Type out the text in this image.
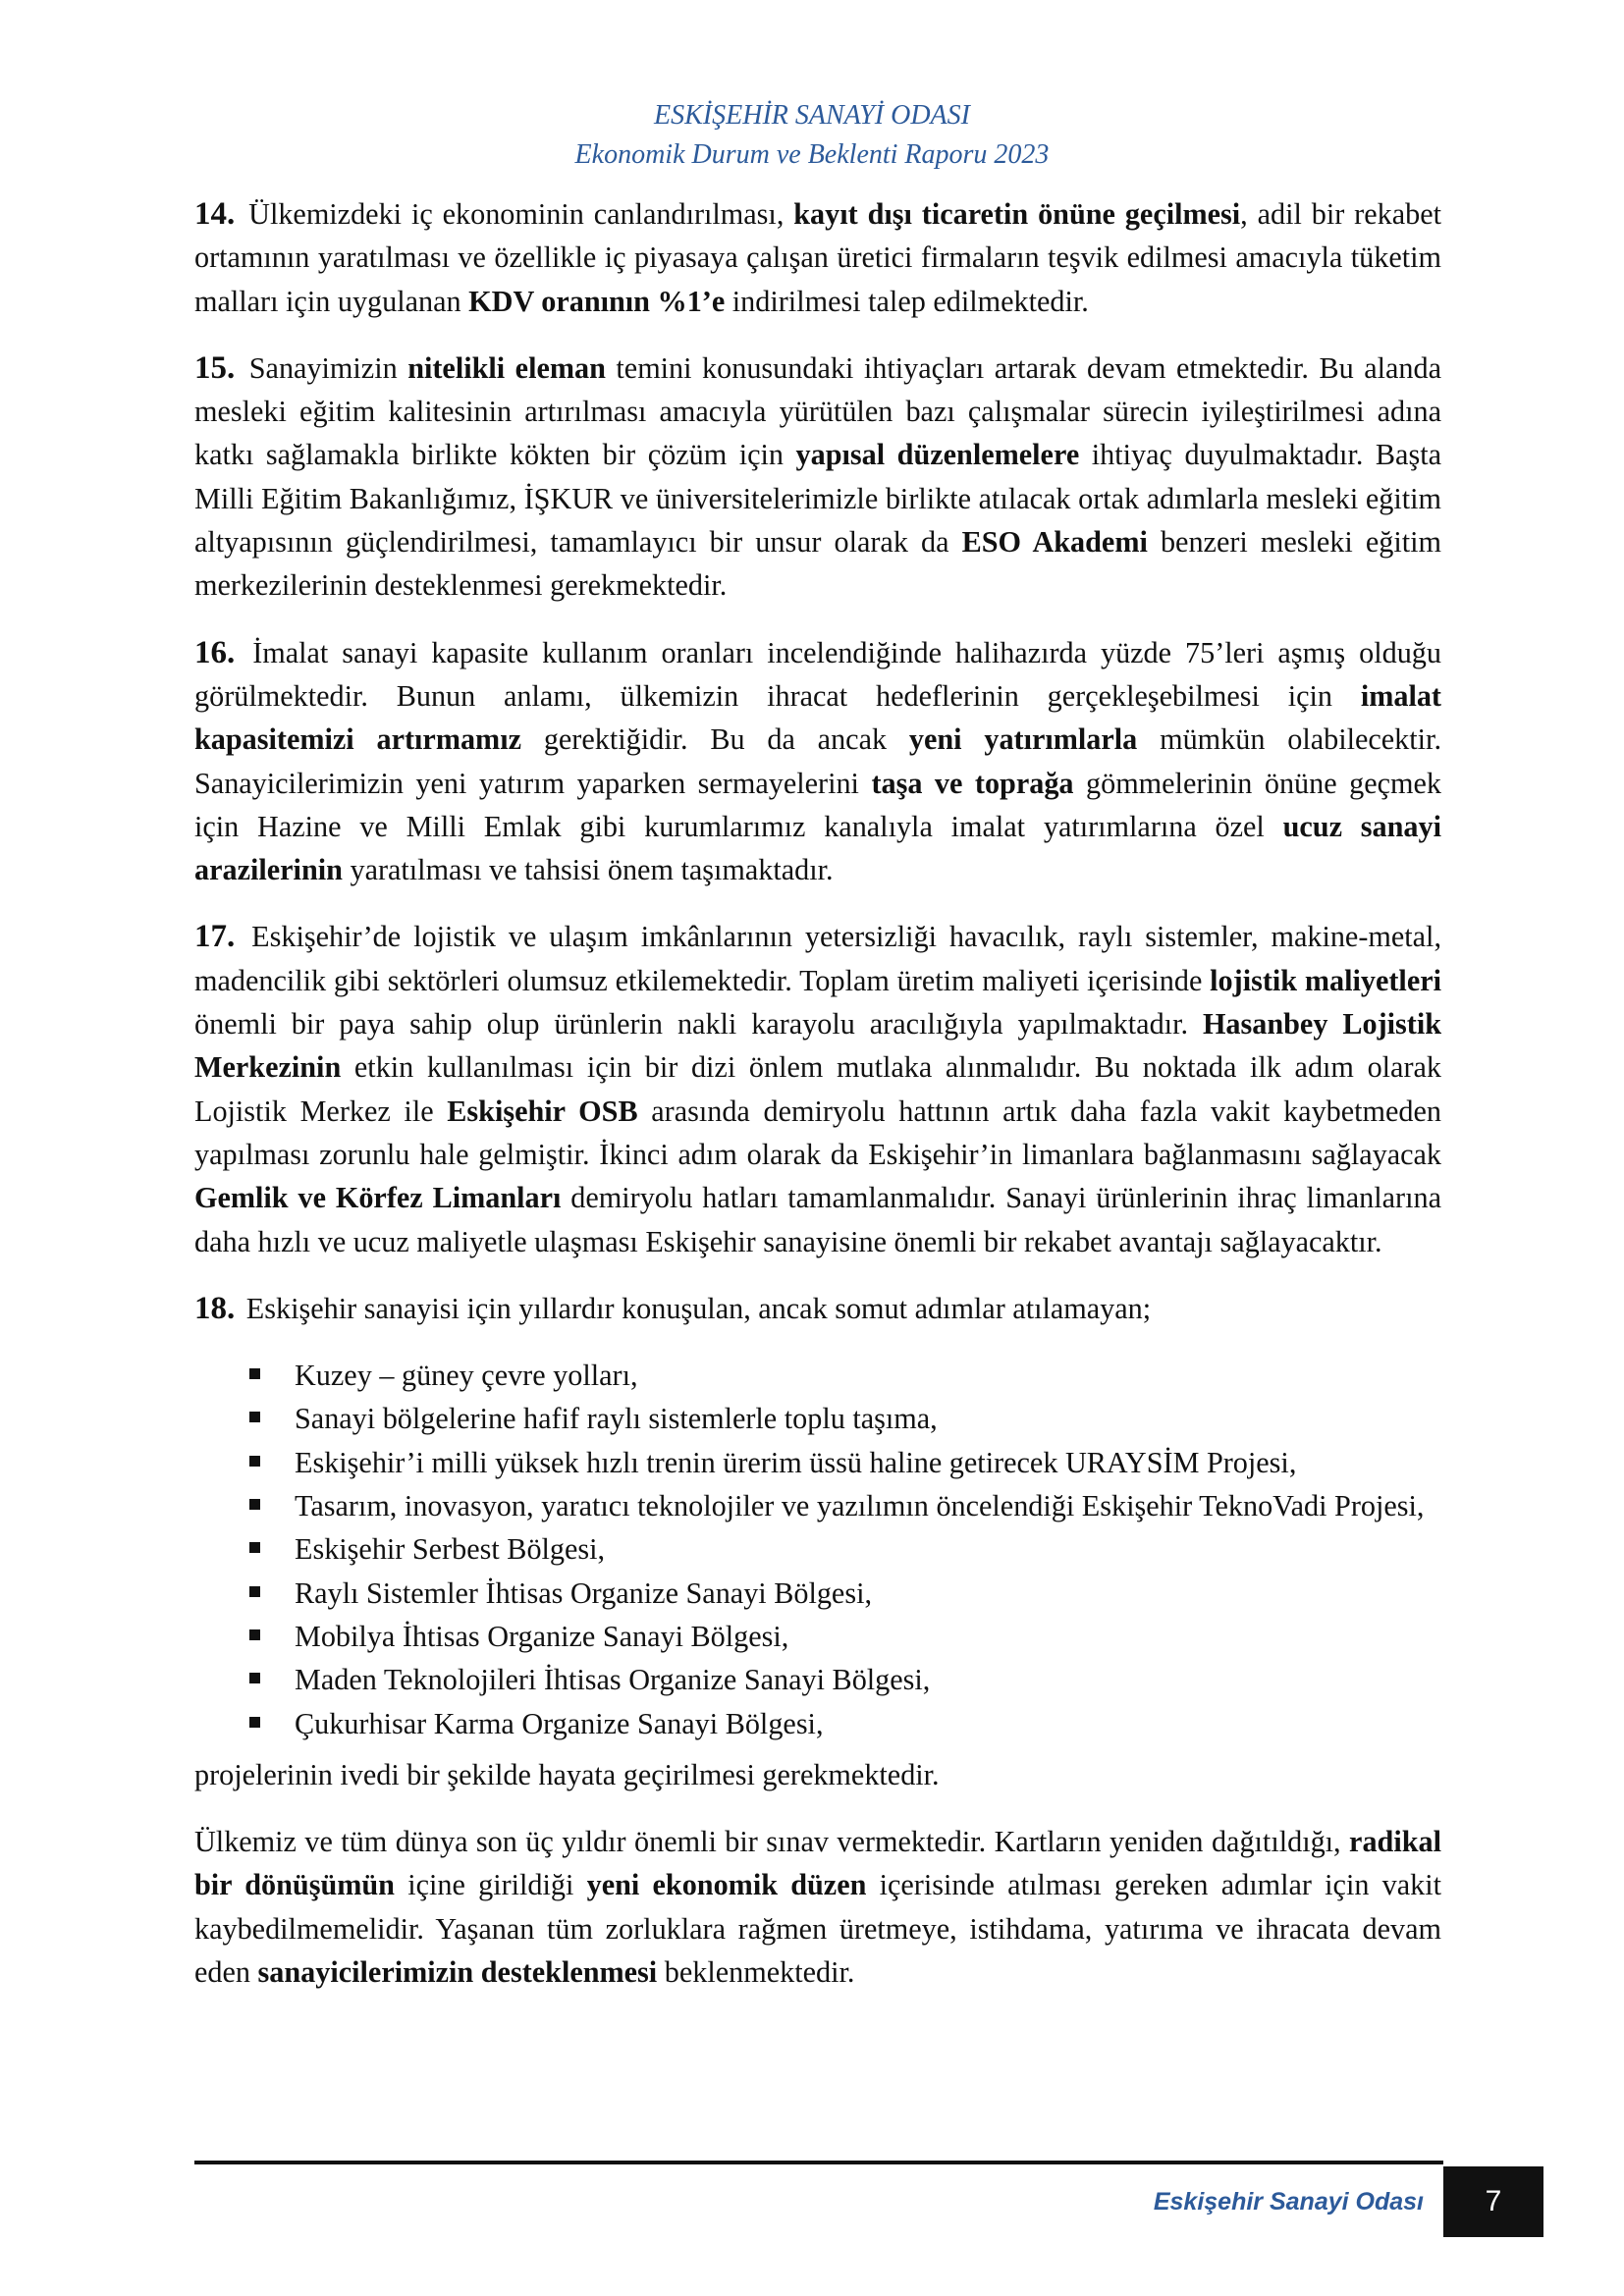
ESKİŞEHİR SANAYİ ODASI
Ekonomik Durum ve Beklenti Raporu 2023

14. Ülkemizdeki iç ekonominin canlandırılması, kayıt dışı ticaretin önüne geçilmesi, adil bir rekabet ortamının yaratılması ve özellikle iç piyasaya çalışan üretici firmaların teşvik edilmesi amacıyla tüketim malları için uygulanan KDV oranının %1’e indirilmesi talep edilmektedir.

15. Sanayimizin nitelikli eleman temini konusundaki ihtiyaçları artarak devam etmektedir. Bu alanda mesleki eğitim kalitesinin artırılması amacıyla yürütülen bazı çalışmalar sürecin iyileştirilmesi adına katkı sağlamakla birlikte kökten bir çözüm için yapısal düzenlemelere ihtiyaç duyulmaktadır. Başta Milli Eğitim Bakanlığımız, İŞKUR ve üniversitelerimizle birlikte atılacak ortak adımlarla mesleki eğitim altyapısının güçlendirilmesi, tamamlayıcı bir unsur olarak da ESO Akademi benzeri mesleki eğitim merkezilerinin desteklenmesi gerekmektedir.

16. İmalat sanayi kapasite kullanım oranları incelendiğinde halihazırda yüzde 75’leri aşmış olduğu görülmektedir. Bunun anlamı, ülkemizin ihracat hedeflerinin gerçekleşebilmesi için imalat kapasitemizi artırmamız gerektiğidir. Bu da ancak yeni yatırımlarla mümkün olabilecektir. Sanayicilerimizin yeni yatırım yaparken sermayelerini taşa ve toprağa gömmelerinin önüne geçmek için Hazine ve Milli Emlak gibi kurumlarımız kanalıyla imalat yatırımlarına özel ucuz sanayi arazilerinin yaratılması ve tahsisi önem taşımaktadır.

17. Eskişehir’de lojistik ve ulaşım imkânlarının yetersizliği havacılık, raylı sistemler, makine-metal, madencilik gibi sektörleri olumsuz etkilemektedir. Toplam üretim maliyeti içerisinde lojistik maliyetleri önemli bir paya sahip olup ürünlerin nakli karayolu aracılığıyla yapılmaktadır. Hasanbey Lojistik Merkezinin etkin kullanılması için bir dizi önlem mutlaka alınmalıdır. Bu noktada ilk adım olarak Lojistik Merkez ile Eskişehir OSB arasında demiryolu hattının artık daha fazla vakit kaybetmeden yapılması zorunlu hale gelmiştir. İkinci adım olarak da Eskişehir’in limanlara bağlanmasını sağlayacak Gemlik ve Körfez Limanları demiryolu hatları tamamlanmalıdır. Sanayi ürünlerinin ihraç limanlarına daha hızlı ve ucuz maliyetle ulaşması Eskişehir sanayisine önemli bir rekabet avantajı sağlayacaktır.

18. Eskişehir sanayisi için yıllardır konuşulan, ancak somut adımlar atılamayan;

Kuzey – güney çevre yolları,
Sanayi bölgelerine hafif raylı sistemlerle toplu taşıma,
Eskişehir’i milli yüksek hızlı trenin ürerim üssü haline getirecek URAYSİM Projesi,
Tasarım, inovasyon, yaratıcı teknolojiler ve yazılımın öncelendiği Eskişehir TeknoVadi Projesi,
Eskişehir Serbest Bölgesi,
Raylı Sistemler İhtisas Organize Sanayi Bölgesi,
Mobilya İhtisas Organize Sanayi Bölgesi,
Maden Teknolojileri İhtisas Organize Sanayi Bölgesi,
Çukurhisar Karma Organize Sanayi Bölgesi,

projelerinin ivedi bir şekilde hayata geçirilmesi gerekmektedir.

Ülkemiz ve tüm dünya son üç yıldır önemli bir sınav vermektedir. Kartların yeniden dağıtıldığı, radikal bir dönüşümün içine girildiği yeni ekonomik düzen içerisinde atılması gereken adımlar için vakit kaybedilmemelidir. Yaşanan tüm zorluklara rağmen üretmeye, istihdama, yatırıma ve ihracata devam eden sanayicilerimizin desteklenmesi beklenmektedir.

Eskişehir Sanayi Odası 7
